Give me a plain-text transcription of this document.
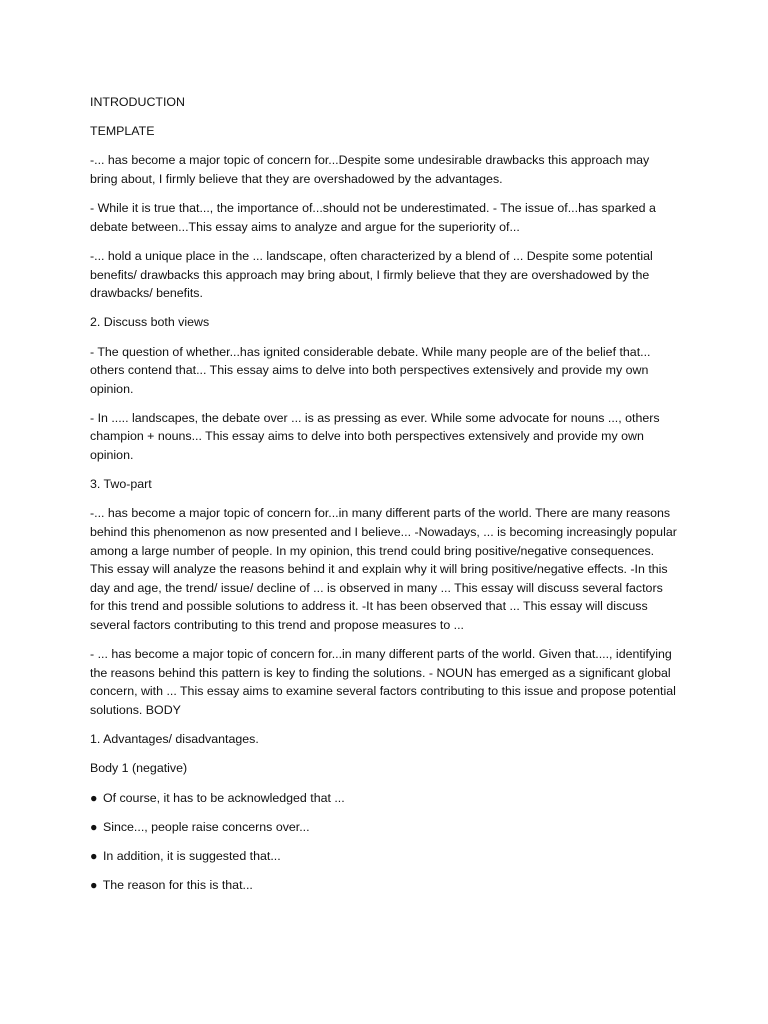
INTRODUCTION

TEMPLATE

-... has become a major topic of concern for...Despite some undesirable drawbacks this approach may bring about, I firmly believe that they are overshadowed by the advantages.

- While it is true that..., the importance of...should not be underestimated. - The issue of...has sparked a debate between...This essay aims to analyze and argue for the superiority of...

-... hold a unique place in the ... landscape, often characterized by a blend of ... Despite some potential benefits/ drawbacks this approach may bring about, I firmly believe that they are overshadowed by the drawbacks/ benefits.

2. Discuss both views

- The question of whether...has ignited considerable debate. While many people are of the belief that... others contend that... This essay aims to delve into both perspectives extensively and provide my own opinion.

- In ..... landscapes, the debate over ... is as pressing as ever. While some advocate for nouns ..., others champion + nouns... This essay aims to delve into both perspectives extensively and provide my own opinion.

3. Two-part

-... has become a major topic of concern for...in many different parts of the world. There are many reasons behind this phenomenon as now presented and I believe... -Nowadays, ... is becoming increasingly popular among a large number of people. In my opinion, this trend could bring positive/negative consequences. This essay will analyze the reasons behind it and explain why it will bring positive/negative effects. -In this day and age, the trend/ issue/ decline of ... is observed in many ... This essay will discuss several factors for this trend and possible solutions to address it. -It has been observed that ... This essay will discuss several factors contributing to this trend and propose measures to ...

- ... has become a major topic of concern for...in many different parts of the world. Given that...., identifying the reasons behind this pattern is key to finding the solutions. - NOUN has emerged as a significant global concern, with ... This essay aims to examine several factors contributing to this issue and propose potential solutions. BODY

1. Advantages/ disadvantages.

Body 1 (negative)

● Of course, it has to be acknowledged that ...

● Since..., people raise concerns over...

● In addition, it is suggested that...

● The reason for this is that...
